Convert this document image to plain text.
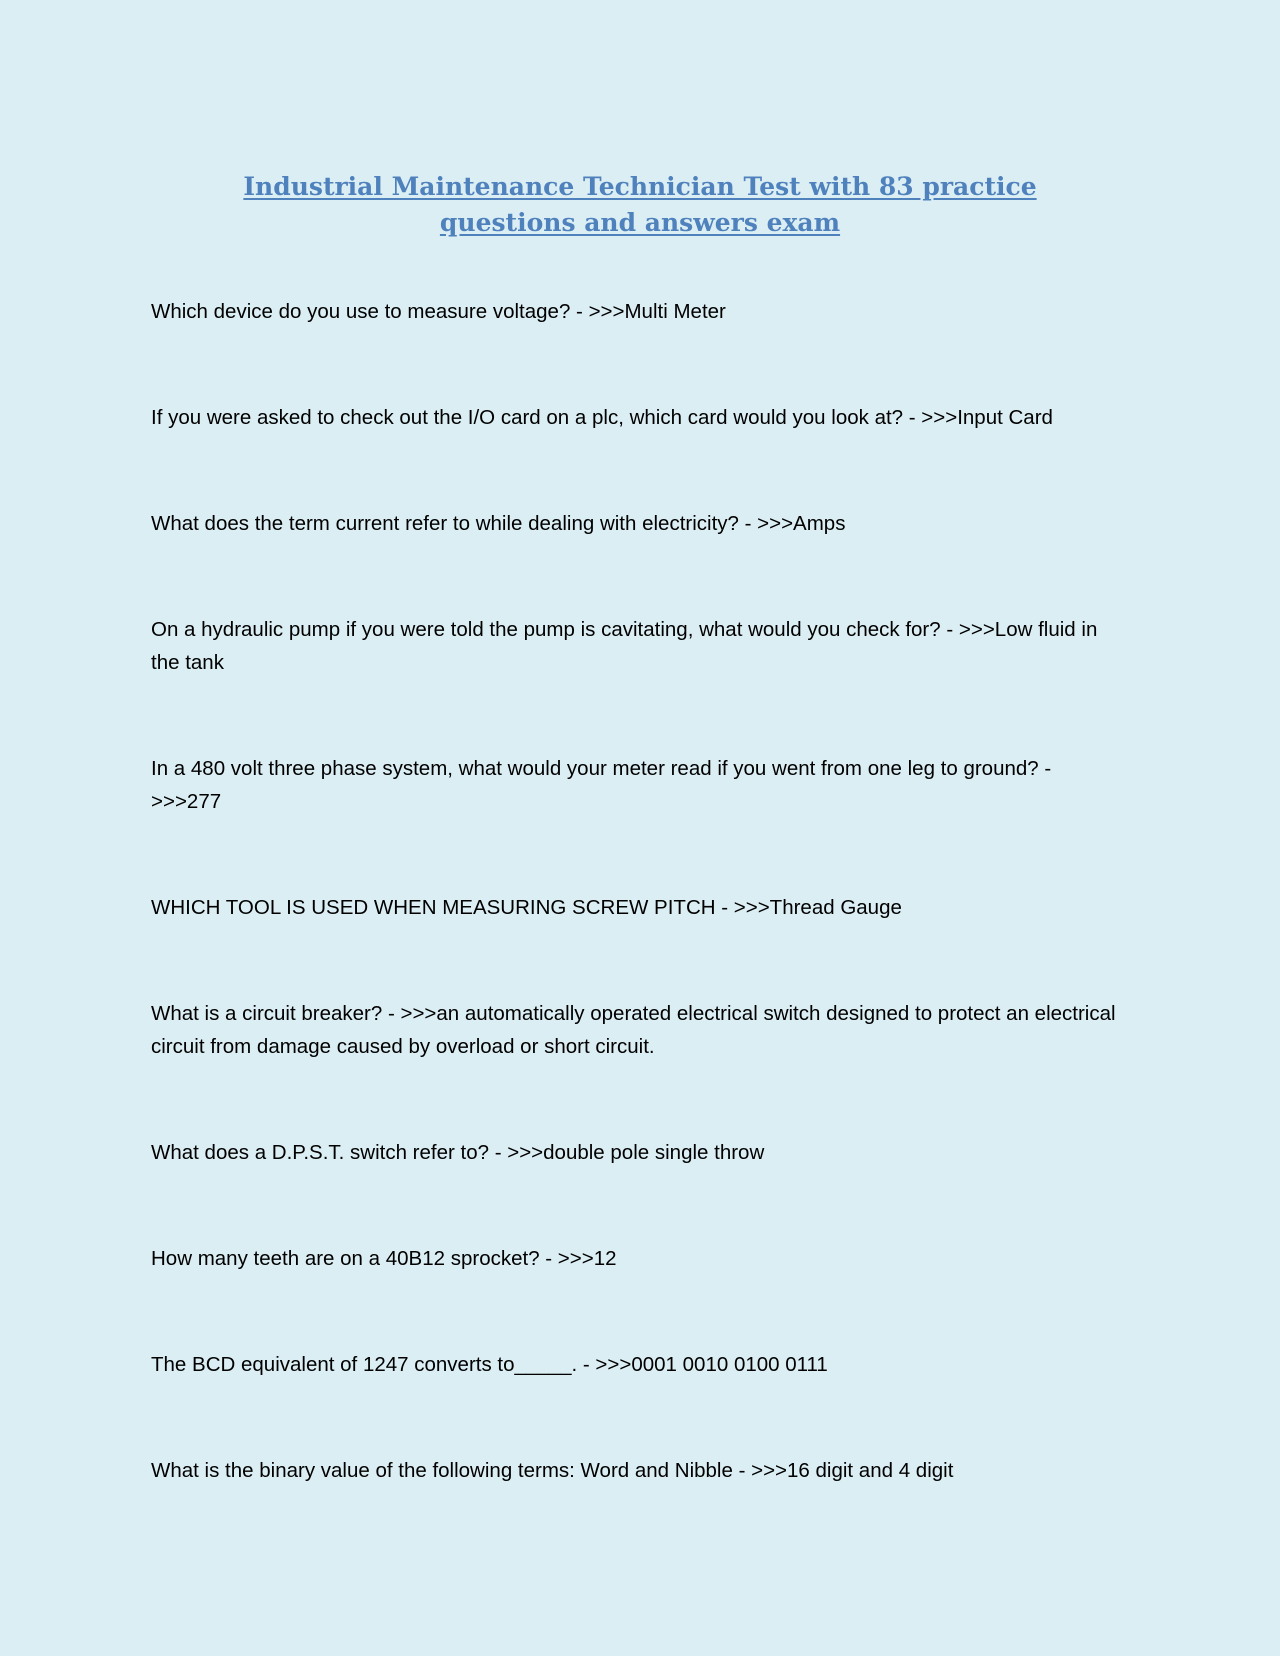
Industrial Maintenance Technician Test with 83 practice questions and answers exam
Which device do you use to measure voltage? - >>>Multi Meter
If you were asked to check out the I/O card on a plc, which card would you look at? - >>>Input Card
What does the term current refer to while dealing with electricity? - >>>Amps
On a hydraulic pump if you were told the pump is cavitating, what would you check for? - >>>Low fluid in the tank
In a 480 volt three phase system, what would your meter read if you went from one leg to ground? - >>>277
WHICH TOOL IS USED WHEN MEASURING SCREW PITCH - >>>Thread Gauge
What is a circuit breaker? - >>>an automatically operated electrical switch designed to protect an electrical circuit from damage caused by overload or short circuit.
What does a D.P.S.T. switch refer to? - >>>double pole single throw
How many teeth are on a 40B12 sprocket? - >>>12
The BCD equivalent of 1247 converts to_____. - >>>0001 0010 0100 0111
What is the binary value of the following terms: Word and Nibble - >>>16 digit and 4 digit
